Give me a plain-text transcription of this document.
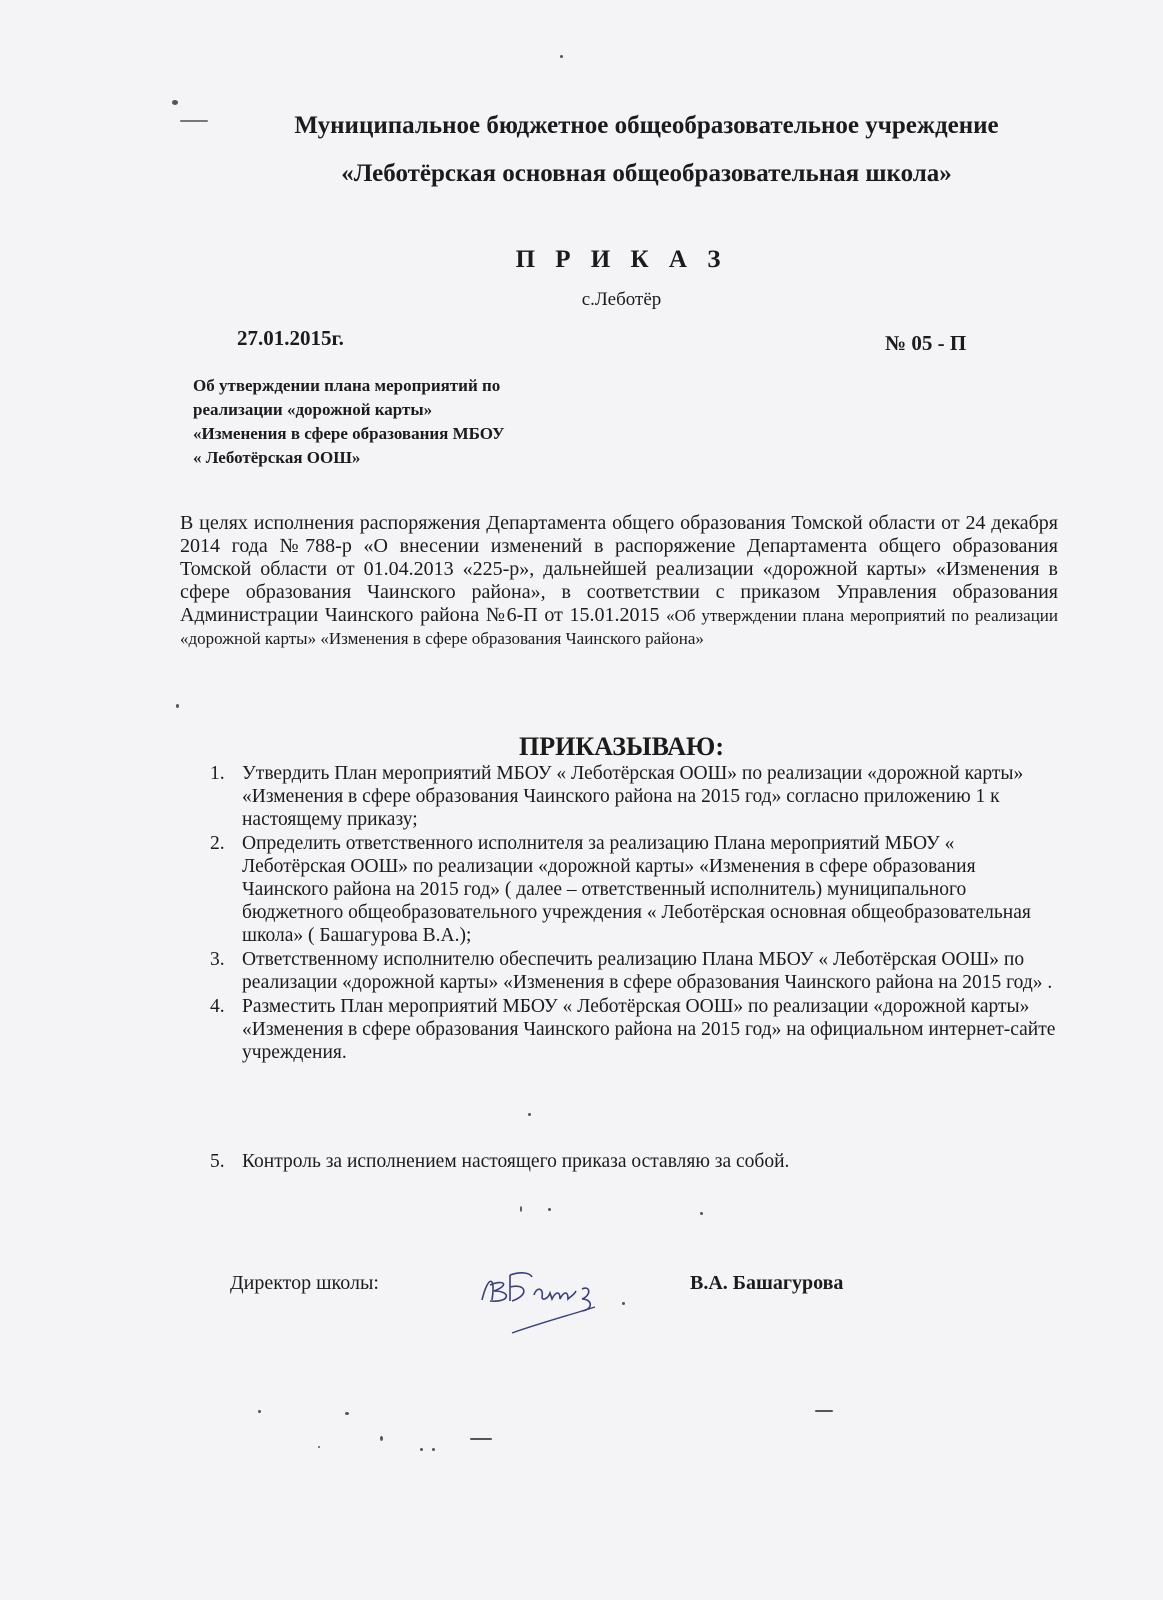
Муниципальное бюджетное общеобразовательное учреждение
«Леботëрская основная общеобразовательная школа»
П Р И К А З
с.Леботëр
27.01.2015г.	№ 05 - П
Об утверждении плана мероприятий по
реализации «дорожной карты»
«Изменения в сфере образования МБОУ
« Леботëрская ООШ»
В целях исполнения распоряжения Департамента общего образования Томской области от 24 декабря 2014 года №788-р «О внесении изменений в распоряжение Департамента общего образования Томской области от 01.04.2013 «225-р», дальнейшей реализации «дорожной карты» «Изменения в сфере образования Чаинского района», в соответствии с приказом Управления образования Администрации Чаинского района №6-П от 15.01.2015 «Об утверждении плана мероприятий по реализации «дорожной карты» «Изменения в сфере образования Чаинского района»
ПРИКАЗЫВАЮ:
1. Утвердить План мероприятий МБОУ « Леботëрская ООШ» по реализации «дорожной карты» «Изменения в сфере образования Чаинского района на 2015 год» согласно приложению 1 к настоящему приказу;
2. Определить ответственного исполнителя за реализацию Плана мероприятий МБОУ « Леботëрская ООШ» по реализации «дорожной карты» «Изменения в сфере образования Чаинского района на 2015 год» ( далее – ответственный исполнитель) муниципального бюджетного общеобразовательного учреждения « Леботëрская основная общеобразовательная школа» ( Башагурова В.А.);
3. Ответственному исполнителю обеспечить реализацию Плана МБОУ « Леботëрская ООШ» по реализации «дорожной карты» «Изменения в сфере образования Чаинского района на 2015 год» .
4. Разместить План мероприятий МБОУ « Леботëрская ООШ» по реализации «дорожной карты» «Изменения в сфере образования Чаинского района на 2015 год» на официальном интернет-сайте учреждения.
5. Контроль за исполнением настоящего приказа оставляю за собой.
Директор школы:	В.А. Башагурова
